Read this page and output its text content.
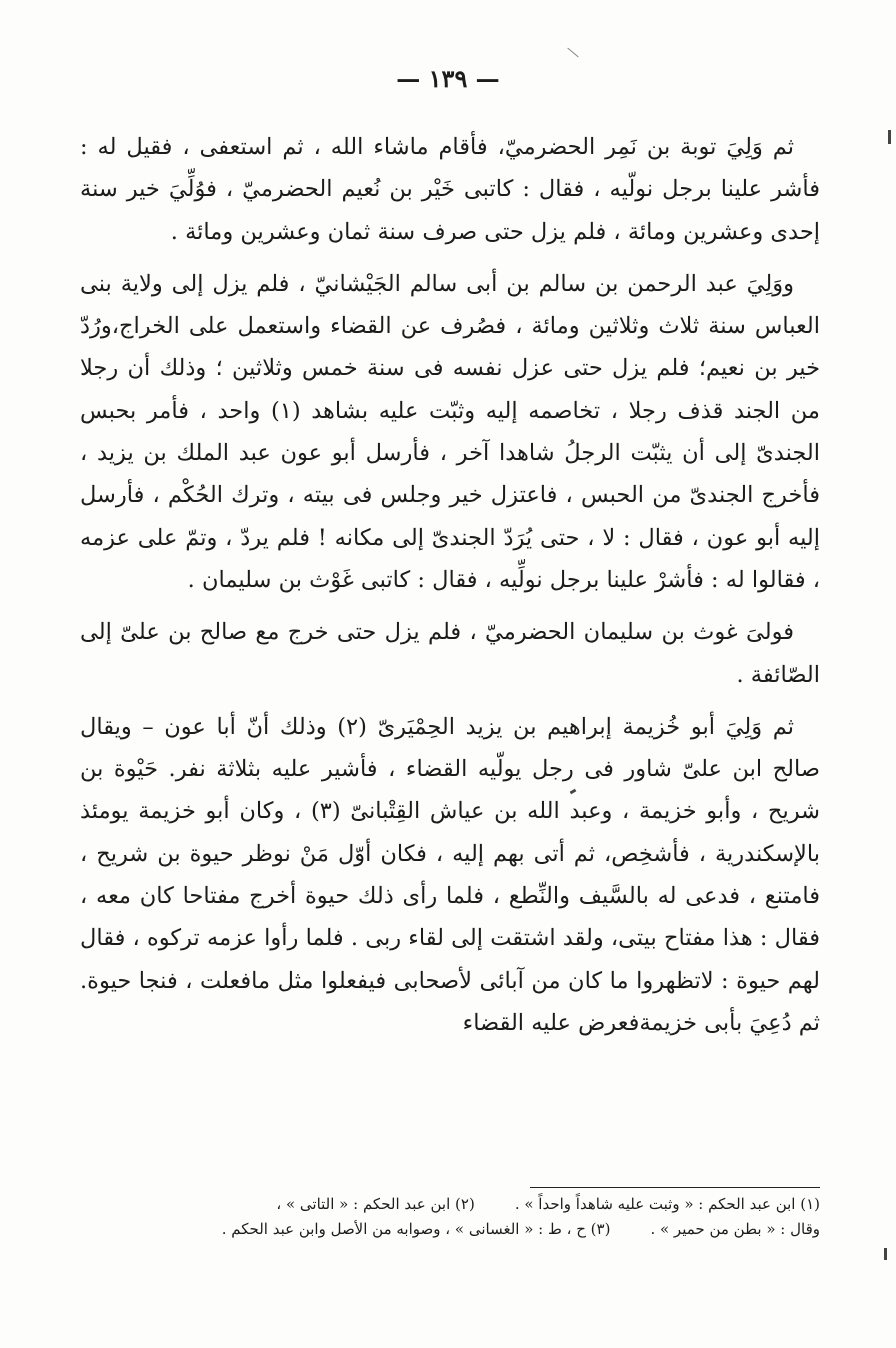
— ١٣٩ —

ثم وَلِيَ توبة بن نَمِر الحضرميّ، فأقام ماشاء الله ، ثم استعفى ، فقيل له : فأشر علينا برجل نولّيه ، فقال : كاتبى خَيْر بن نُعيم الحضرميّ ، فوُلِّيَ خير سنة إحدى وعشرين ومائة ، فلم يزل حتى صرف سنة ثمان وعشرين ومائة .

ووَلِيَ عبد الرحمن بن سالم بن أبى سالم الجَيْشانيّ ، فلم يزل إلى ولاية بنى العباس سنة ثلاث وثلاثين ومائة ، فصُرف عن القضاء واستعمل على الخراج،ورُدّ خير بن نعيم؛ فلم يزل حتى عزل نفسه فى سنة خمس وثلاثين ؛ وذلك أن رجلا من الجند قذف رجلا ، تخاصمه إليه وثبّت عليه بشاهد (١) واحد ، فأمر بحبس الجندىّ إلى أن يثبّت الرجلُ شاهدا آخر ، فأرسل أبو عون عبد الملك بن يزيد ، فأخرج الجندىّ من الحبس ، فاعتزل خير وجلس فى بيته ، وترك الحُكْم ، فأرسل إليه أبو عون ، فقال : لا ، حتى يُرَدّ الجندىّ إلى مكانه ! فلم يردّ ، وتمّ على عزمه ، فقالوا له : فأشرْ علينا برجل نولِّيه ، فقال : كاتبى غَوْث بن سليمان .

فولىَ غوث بن سليمان الحضرميّ ، فلم يزل حتى خرج مع صالح بن علىّ إلى الصّائفة .

ثم وَلِيَ أبو خُزيمة إبراهيم بن يزيد الحِمْيَرىّ (٢) وذلك أنّ أبا عون – ويقال صالح ابن علىّ شاور فى رجل يولّيه القضاء ، فأشير عليه بثلاثة نفر. حَيْوة بن شريح ، وأبو خزيمة ، وعبد الله بن عياش القِتْبانىّ (٣) ، وكان أبو خزيمة يومئذ بالإسكندرية ، فأشخِص، ثم أتى بهم إليه ، فكان أوّل مَنْ نوظر حيوة بن شريح ، فامتنع ، فدعى له بالسَّيف والنِّطع ، فلما رأى ذلك حيوة أخرج مفتاحا كان معه ، فقال : هذا مفتاح بيتى، ولقد اشتقت إلى لقاء ربى . فلما رأوا عزمه تركوه ، فقال لهم حيوة : لاتظهروا ما كان من آبائى لأصحابى فيفعلوا مثل مافعلت ، فنجا حيوة. ثم دُعِيَ بأبى خزيمةفعرض عليه القضاء

(١) ابن عبد الحكم : « وثبت عليه شاهداً واحداً » .
(٢) ابن عبد الحكم : « التاتى » ،
وقال : « بطن من حمير » .
(٣) ح ، ط : « الغسانى » ، وصوابه من الأصل وابن عبد الحكم .
